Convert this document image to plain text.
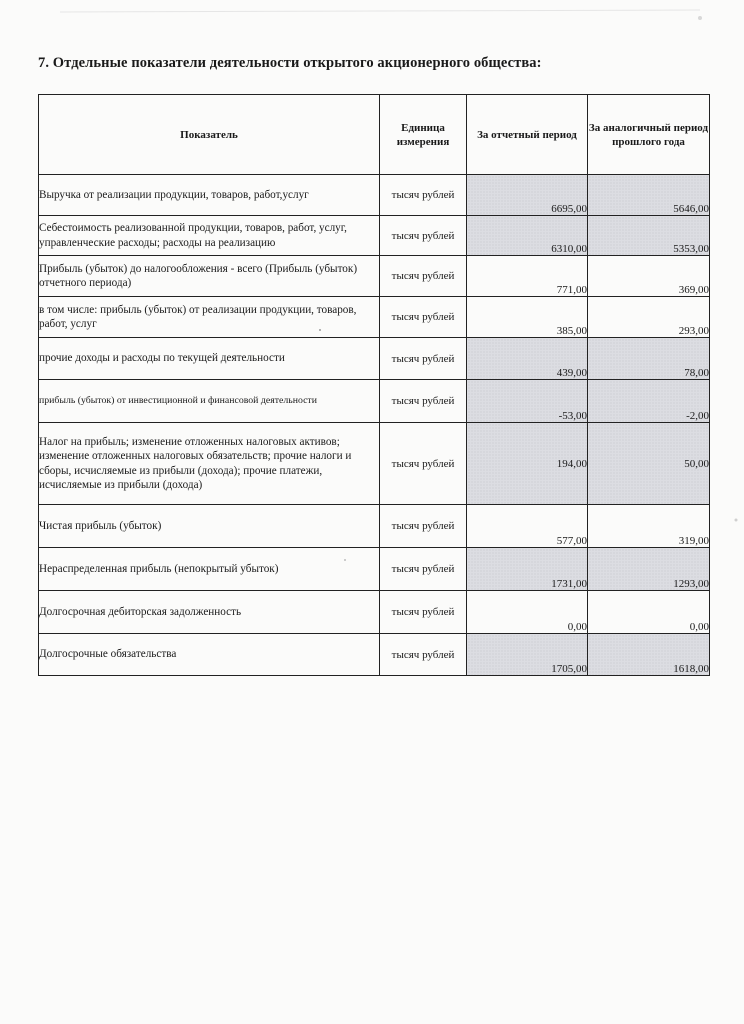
7. Отдельные показатели деятельности открытого акционерного общества:
Показатель	Единица измерения	За отчетный период	За аналогичный период прошлого года
Выручка от реализации продукции, товаров, работ,услуг	тысяч рублей	6695,00	5646,00
Себестоимость реализованной продукции, товаров, работ, услуг, управленческие расходы; расходы на реализацию	тысяч рублей	6310,00	5353,00
Прибыль (убыток) до налогообложения - всего (Прибыль (убыток) отчетного периода)	тысяч рублей	771,00	369,00
в том числе: прибыль (убыток) от реализации продукции, товаров, работ, услуг	тысяч рублей	385,00	293,00
прочие доходы и расходы по текущей деятельности	тысяч рублей	439,00	78,00
прибыль (убыток) от инвестиционной и финансовой деятельности	тысяч рублей	-53,00	-2,00
Налог на прибыль; изменение отложенных налоговых активов; изменение отложенных налоговых обязательств; прочие налоги и сборы, исчисляемые из прибыли (дохода); прочие платежи, исчисляемые из прибыли (дохода)	тысяч рублей	194,00	50,00
Чистая прибыль (убыток)	тысяч рублей	577,00	319,00
Нераспределенная прибыль (непокрытый убыток)	тысяч рублей	1731,00	1293,00
Долгосрочная дебиторская задолженность	тысяч рублей	0,00	0,00
Долгосрочные обязательства	тысяч рублей	1705,00	1618,00
